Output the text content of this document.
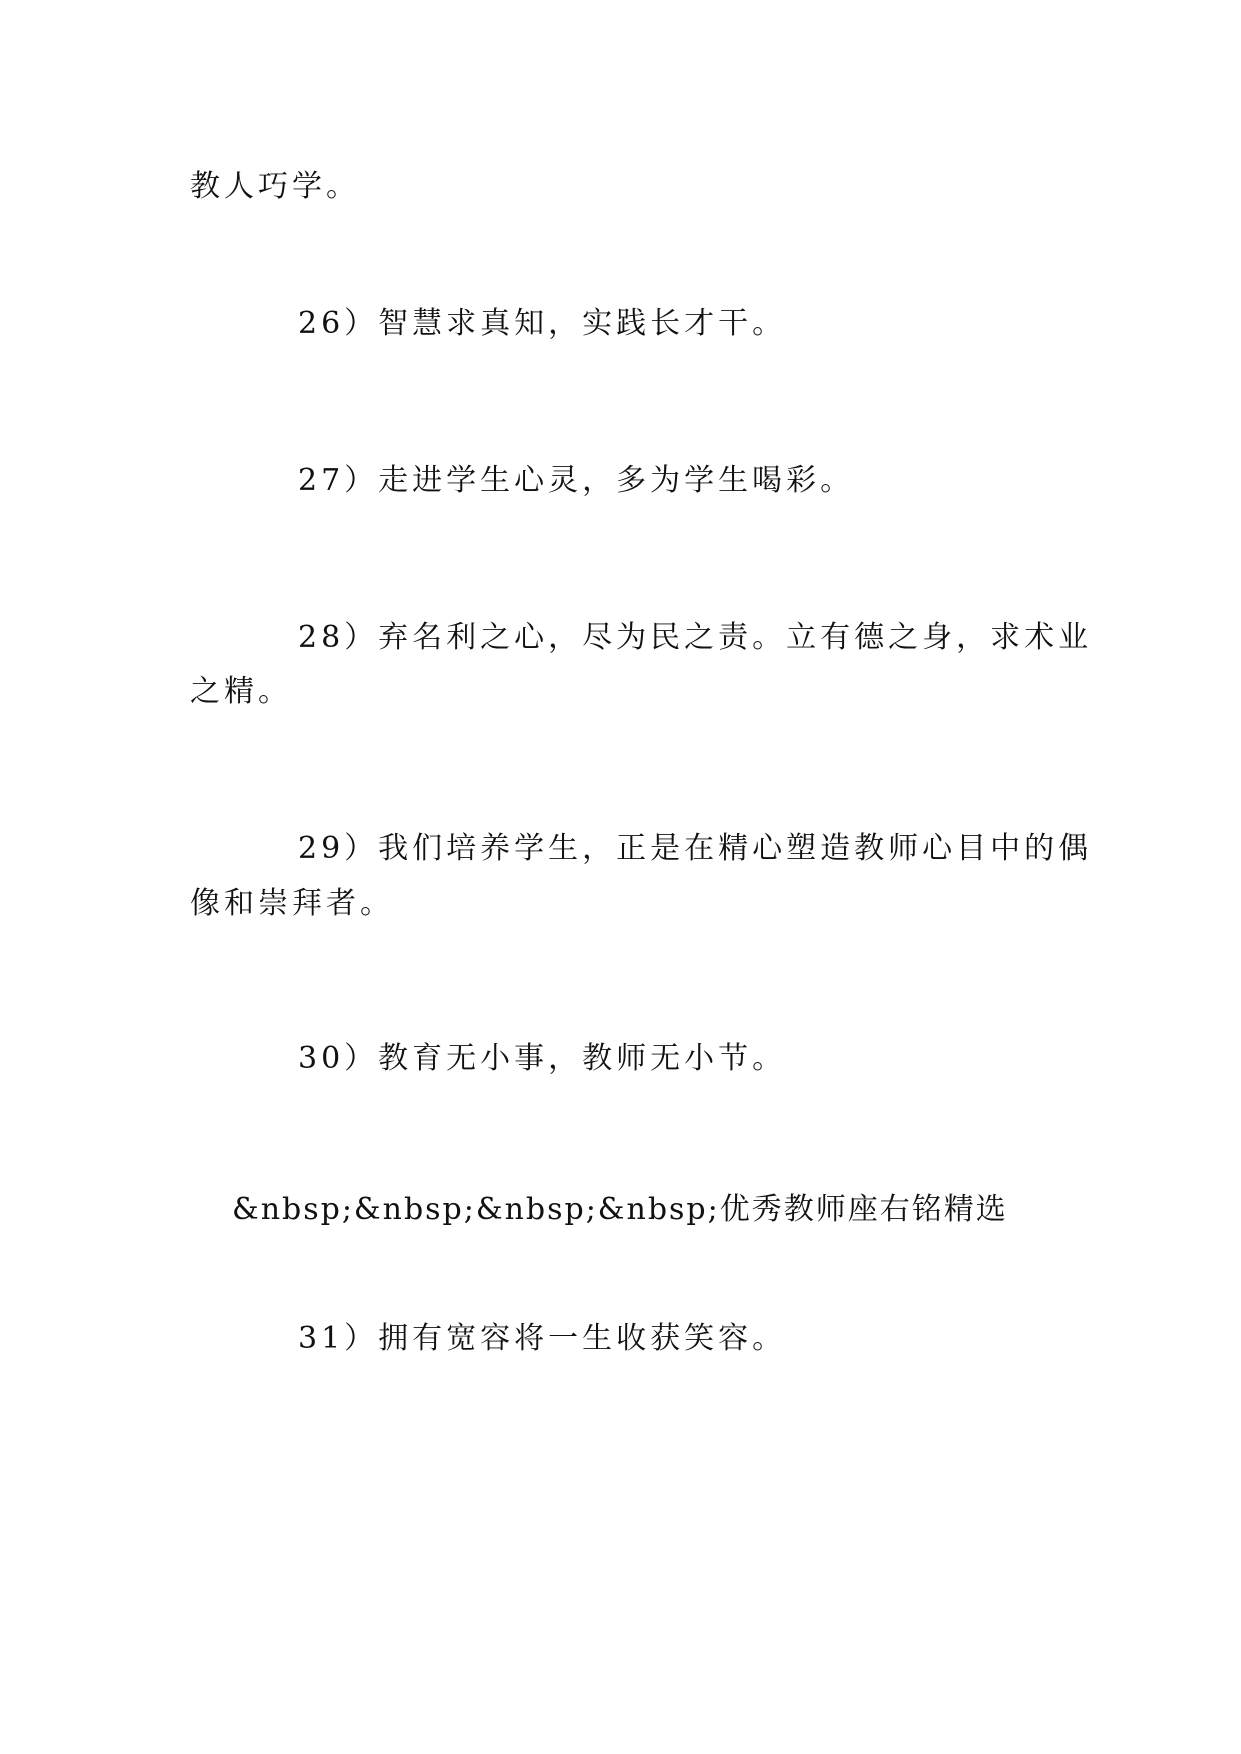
教人巧学。
26）智慧求真知，实践长才干。
27）走进学生心灵，多为学生喝彩。
28）弃名利之心，尽为民之责。立有德之身，求术业
之精。
29）我们培养学生，正是在精心塑造教师心目中的偶
像和崇拜者。
30）教育无小事，教师无小节。
&nbsp;&nbsp;&nbsp;&nbsp;优秀教师座右铭精选
31）拥有宽容将一生收获笑容。
